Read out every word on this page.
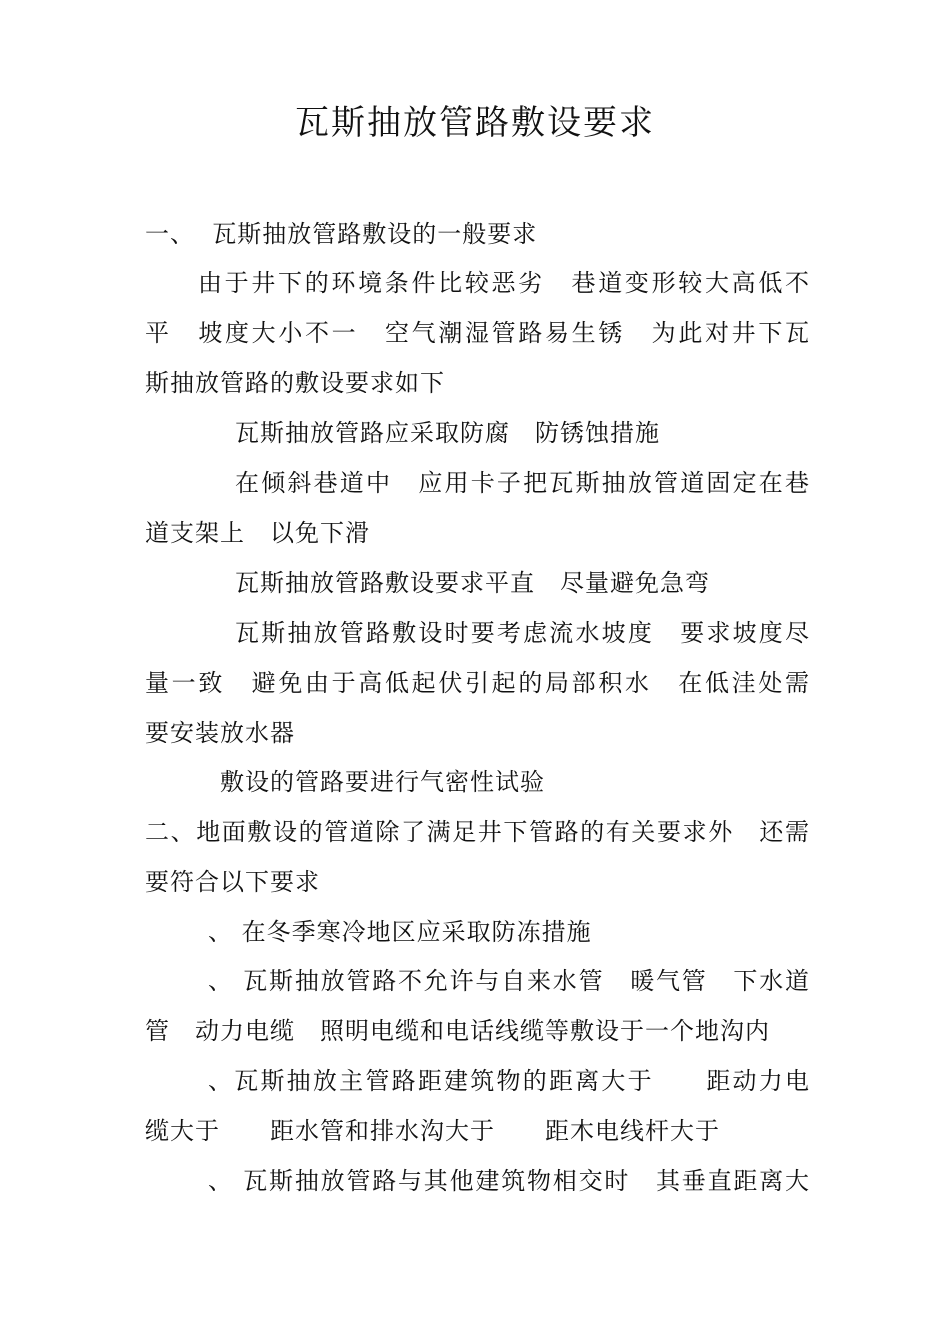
瓦斯抽放管路敷设要求
一、  瓦斯抽放管路敷设的一般要求
由于井下的环境条件比较恶劣　巷道变形较大高低不
平　坡度大小不一　空气潮湿管路易生锈　为此对井下瓦
斯抽放管路的敷设要求如下
瓦斯抽放管路应采取防腐　防锈蚀措施
在倾斜巷道中　应用卡子把瓦斯抽放管道固定在巷
道支架上　以免下滑
瓦斯抽放管路敷设要求平直　尽量避免急弯
瓦斯抽放管路敷设时要考虑流水坡度　要求坡度尽
量一致　避免由于高低起伏引起的局部积水　在低洼处需
要安装放水器
敷设的管路要进行气密性试验
二、地面敷设的管道除了满足井下管路的有关要求外　还需
要符合以下要求
、 在冬季寒冷地区应采取防冻措施
、 瓦斯抽放管路不允许与自来水管　暖气管　下水道
管　动力电缆　照明电缆和电话线缆等敷设于一个地沟内
、瓦斯抽放主管路距建筑物的距离大于　　距动力电
缆大于　　距水管和排水沟大于　　距木电线杆大于
、 瓦斯抽放管路与其他建筑物相交时　其垂直距离大
